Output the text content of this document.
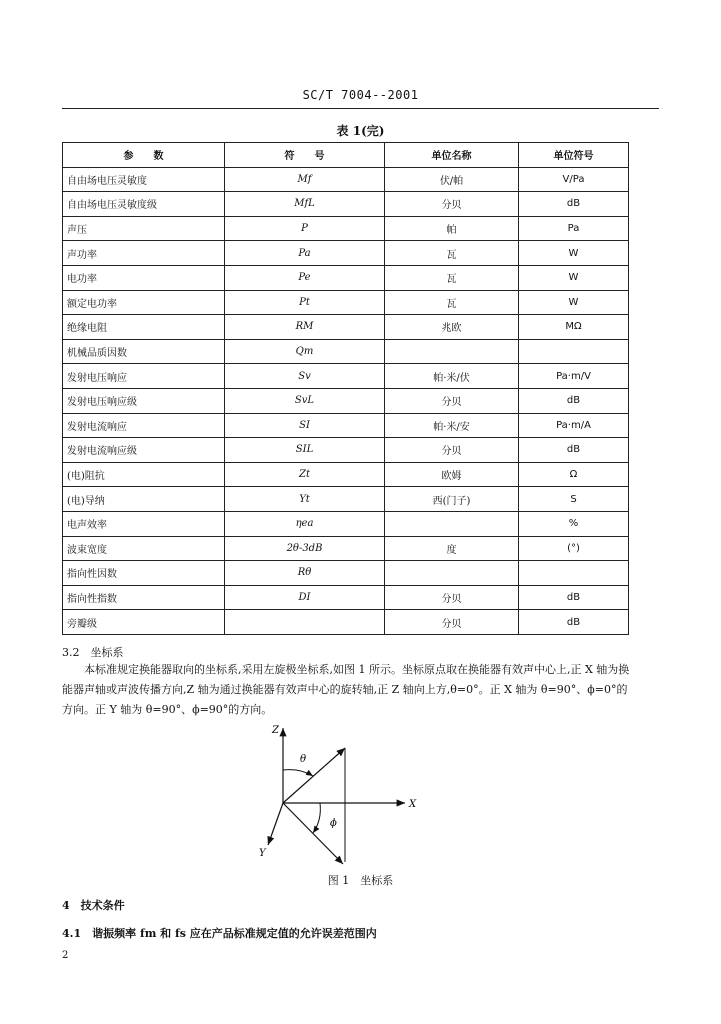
SC/T 7004--2001
表 1(完)
参　　数	符　　号	单位名称	单位符号
自由场电压灵敏度	Mf	伏/帕	V/Pa
自由场电压灵敏度级	MfL	分贝	dB
声压	P	帕	Pa
声功率	Pa	瓦	W
电功率	Pe	瓦	W
额定电功率	Pt	瓦	W
绝缘电阻	RM	兆欧	MΩ
机械品质因数	Qm		
发射电压响应	Sv	帕·米/伏	Pa·m/V
发射电压响应级	SvL	分贝	dB
发射电流响应	SI	帕·米/安	Pa·m/A
发射电流响应级	SIL	分贝	dB
(电)阻抗	Zt	欧姆	Ω
(电)导纳	Yt	西(门子)	S
电声效率	ηea		%
波束宽度	2θ-3dB	度	(°)
指向性因数	Rθ		
指向性指数	DI	分贝	dB
旁瓣级		分贝	dB
3.2　坐标系
本标准规定换能器取向的坐标系,采用左旋极坐标系,如图 1 所示。坐标原点取在换能器有效声中心上,正 X 轴为换能器声轴或声波传播方向,Z 轴为通过换能器有效声中心的旋转轴,正 Z 轴向上方,θ=0°。正 X 轴为 θ=90°、ϕ=0°的方向。正 Y 轴为 θ=90°、ϕ=90°的方向。
Z
X
Y
θ
ϕ
图 1　坐标系
4　技术条件
4.1　谐振频率 fm 和 fs 应在产品标准规定值的允许误差范围内
2
